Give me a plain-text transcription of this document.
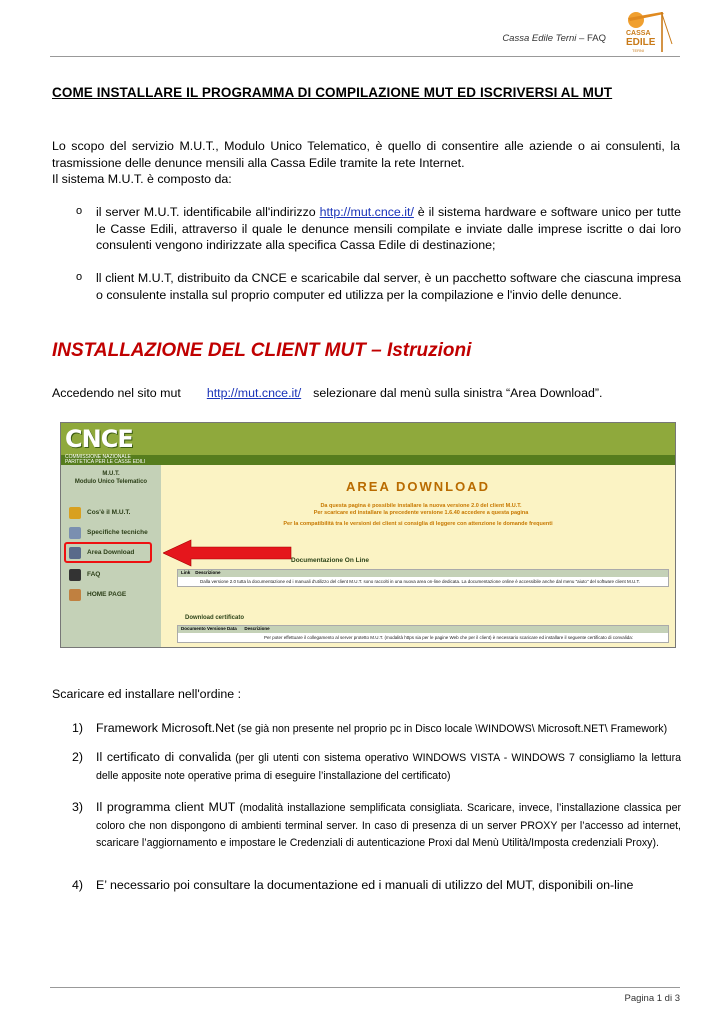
Cassa Edile Terni – FAQ	CASSA
EDILE
TERNI
COME INSTALLARE IL PROGRAMMA DI COMPILAZIONE MUT ED ISCRIVERSI AL MUT
Lo scopo del servizio M.U.T., Modulo Unico Telematico, è quello di consentire alle aziende o ai consulenti, la trasmissione delle denunce mensili alla Cassa Edile tramite la rete Internet.
Il sistema M.U.T. è composto da:
o il server M.U.T. identificabile all'indirizzo http://mut.cnce.it/ è il sistema hardware e software unico per tutte le Casse Edili, attraverso il quale le denunce mensili compilate e inviate dalle imprese iscritte o dai loro consulenti vengono indirizzate alla specifica Cassa Edile di destinazione;
o ll client M.U.T, distribuito da CNCE e scaricabile dal server, è un pacchetto software che ciascuna impresa o consulente installa sul proprio computer ed utilizza per la compilazione e l'invio delle denunce.
INSTALLAZIONE DEL CLIENT MUT – Istruzioni
Accedendo nel sito mut http://mut.cnce.it/ selezionare dal menù sulla sinistra “Area Download”.
CNCE
COMMISSIONE NAZIONALE
PARITETICA PER LE CASSE EDILI
M.U.T.
Modulo Unico Telematico
Cos'è il M.U.T.
Specifiche tecniche
Area Download
FAQ
HOME PAGE
AREA DOWNLOAD
Da questa pagina è possibile installare la nuova versione 2.0 del client M.U.T.
Per scaricare ed installare la precedente versione 1.6.40 accedere a questa pagina
Per la compatibilità tra le versioni dei client si consiglia di leggere con attenzione le domande frequenti
Documentazione On Line
Link Descrizione
Dalla versione 2.0 tutta la documentazione ed i manuali d'utilizzo del client M.U.T. sono raccolti in una nuova area on-line dedicata. La documentazione online è accessibile anche dal menu "aiuto" del software client M.U.T.
Download certificato
Documento Versione Data Descrizione
Per poter effettuare il collegamento al server protetto M.U.T. (modalità https sia per le pagine Web che per il client) è necessario scaricare ed installare il seguente certificato di convalida:
Scaricare ed installare nell'ordine :
1) Framework Microsoft.Net (se già non presente nel proprio pc in Disco locale \WINDOWS\ Microsoft.NET\ Framework)
2) Il certificato di convalida (per gli utenti con sistema operativo WINDOWS VISTA - WINDOWS 7 consigliamo la lettura delle apposite note operative prima di eseguire l’installazione del certificato)
3) Il programma client MUT (modalità installazione semplificata consigliata. Scaricare, invece, l’installazione classica per coloro che non dispongono di ambienti terminal server. In caso di presenza di un server PROXY per l’accesso ad internet, scaricare l’aggiornamento e impostare le Credenziali di autenticazione Proxi dal Menù Utilità/Imposta credenziali Proxy).
4) E’ necessario poi consultare la documentazione ed i manuali di utilizzo del MUT, disponibili on-line
Pagina 1 di 3
